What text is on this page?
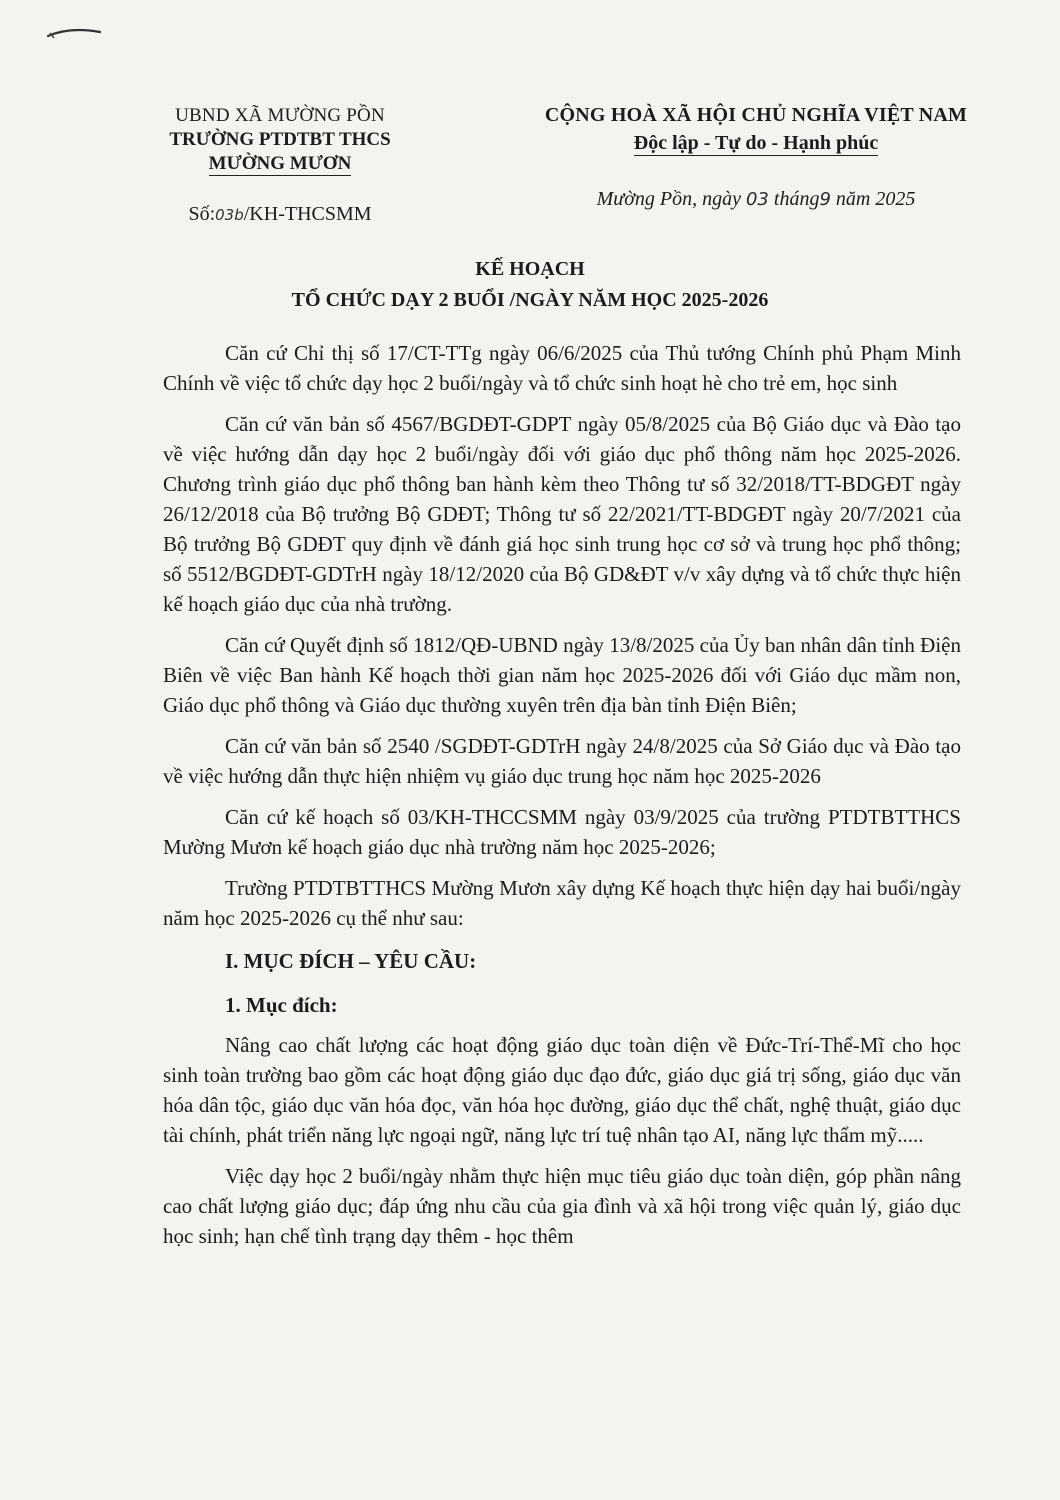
UBND XÃ MƯỜNG PỒN
TRƯỜNG PTDTBT THCS
MƯỜNG MƯƠN
Số:03b/KH-THCSMM
CỘNG HOÀ XÃ HỘI CHỦ NGHĨA VIỆT NAM
Độc lập - Tự do - Hạnh phúc
Mường Pồn, ngày 03 tháng9 năm 2025
KẾ HOẠCH
TỔ CHỨC DẠY 2 BUỔI /NGÀY NĂM HỌC 2025-2026

Căn cứ Chỉ thị số 17/CT-TTg ngày 06/6/2025 của Thủ tướng Chính phủ Phạm Minh Chính về việc tổ chức dạy học 2 buổi/ngày và tổ chức sinh hoạt hè cho trẻ em, học sinh

Căn cứ văn bản số 4567/BGDĐT-GDPT ngày 05/8/2025 của Bộ Giáo dục và Đào tạo về việc hướng dẫn dạy học 2 buổi/ngày đối với giáo dục phổ thông năm học 2025-2026. Chương trình giáo dục phổ thông ban hành kèm theo Thông tư số 32/2018/TT-BDGĐT ngày 26/12/2018 của Bộ trưởng Bộ GDĐT; Thông tư số 22/2021/TT-BDGĐT ngày 20/7/2021 của Bộ trưởng Bộ GDĐT quy định về đánh giá học sinh trung học cơ sở và trung học phổ thông; số 5512/BGDĐT-GDTrH ngày 18/12/2020 của Bộ GD&ĐT v/v xây dựng và tổ chức thực hiện kế hoạch giáo dục của nhà trường.

Căn cứ Quyết định số 1812/QĐ-UBND ngày 13/8/2025 của Ủy ban nhân dân tỉnh Điện Biên về việc Ban hành Kế hoạch thời gian năm học 2025-2026 đối với Giáo dục mầm non, Giáo dục phổ thông và Giáo dục thường xuyên trên địa bàn tỉnh Điện Biên;

Căn cứ văn bản số 2540 /SGDĐT-GDTrH ngày 24/8/2025 của Sở Giáo dục và Đào tạo về việc hướng dẫn thực hiện nhiệm vụ giáo dục trung học năm học 2025-2026

Căn cứ kế hoạch số 03/KH-THCCSMM ngày 03/9/2025 của trường PTDTBTTHCS Mường Mươn kế hoạch giáo dục nhà trường năm học 2025-2026;

Trường PTDTBTTHCS Mường Mươn xây dựng Kế hoạch thực hiện dạy hai buổi/ngày năm học 2025-2026 cụ thể như sau:

I. MỤC ĐÍCH – YÊU CẦU:
1. Mục đích:

Nâng cao chất lượng các hoạt động giáo dục toàn diện về Đức-Trí-Thể-Mĩ cho học sinh toàn trường bao gồm các hoạt động giáo dục đạo đức, giáo dục giá trị sống, giáo dục văn hóa dân tộc, giáo dục văn hóa đọc, văn hóa học đường, giáo dục thể chất, nghệ thuật, giáo dục tài chính, phát triển năng lực ngoại ngữ, năng lực trí tuệ nhân tạo AI, năng lực thẩm mỹ.....

Việc dạy học 2 buổi/ngày nhằm thực hiện mục tiêu giáo dục toàn diện, góp phần nâng cao chất lượng giáo dục; đáp ứng nhu cầu của gia đình và xã hội trong việc quản lý, giáo dục học sinh; hạn chế tình trạng dạy thêm - học thêm
